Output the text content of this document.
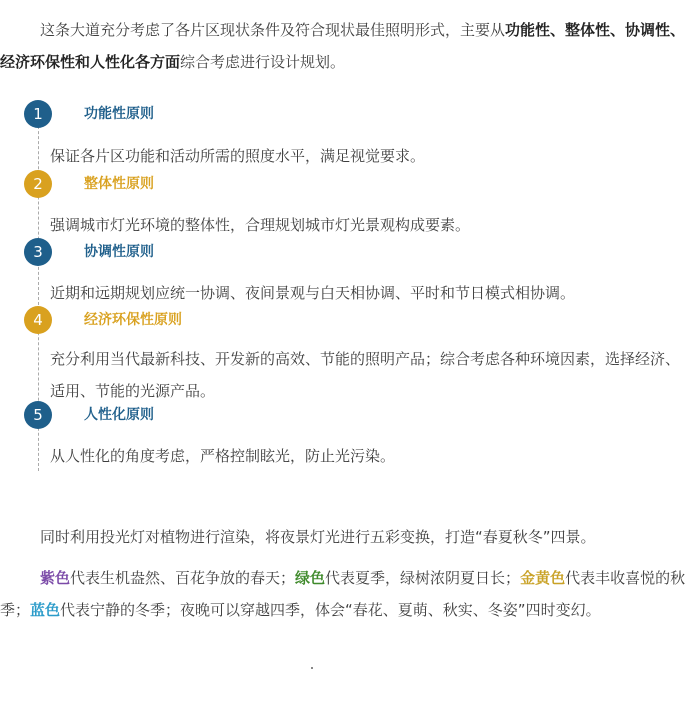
这条大道充分考虑了各片区现状条件及符合现状最佳照明形式，主要从功能性、整体性、协调性、经济环保性和人性化各方面综合考虑进行设计规划。

1	功能性原则
保证各片区功能和活动所需的照度水平，满足视觉要求。
2	整体性原则
强调城市灯光环境的整体性，合理规划城市灯光景观构成要素。
3	协调性原则
近期和远期规划应统一协调、夜间景观与白天相协调、平时和节日模式相协调。
4	经济环保性原则
充分利用当代最新科技、开发新的高效、节能的照明产品；综合考虑各种环境因素，选择经济、适用、节能的光源产品。
5	人性化原则
从人性化的角度考虑，严格控制眩光，防止光污染。

同时利用投光灯对植物进行渲染，将夜景灯光进行五彩变换，打造“春夏秋冬”四景。

紫色代表生机盎然、百花争放的春天；绿色代表夏季，绿树浓阴夏日长；金黄色代表丰收喜悦的秋季；蓝色代表宁静的冬季；夜晚可以穿越四季，体会“春花、夏萌、秋实、冬姿”四时变幻。
